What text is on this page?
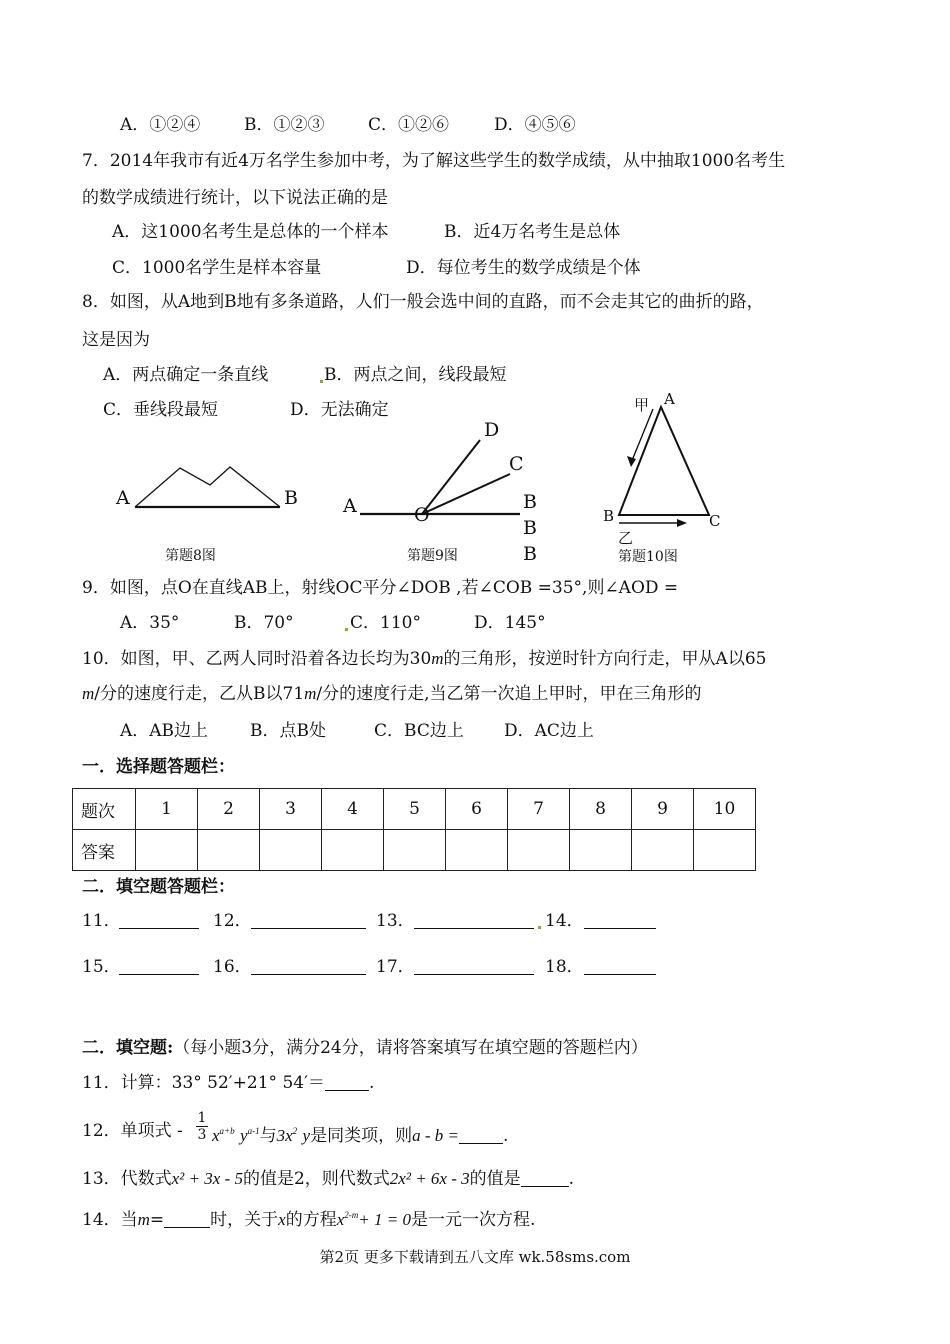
A．①②④	B．①②③	C．①②⑥	D．④⑤⑥
7．2014年我市有近4万名学生参加中考，为了解这些学生的数学成绩，从中抽取1000名考生
的数学成绩进行统计，以下说法正确的是
A．这1000名考生是总体的一个样本	B．近4万名考生是总体
C．1000名学生是样本容量	D．每位考生的数学成绩是个体
8．如图，从A地到B地有多条道路，人们一般会选中间的直路，而不会走其它的曲折的路，
这是因为
A．两点确定一条直线	B．两点之间，线段最短
C．垂线段最短	D．无法确定
A	B
第题8图
A	O
D
C
B
B
B
第题9图
甲 A
B	C
乙
第题10图
9．如图，点O在直线AB上，射线OC平分∠DOB ,若∠COB =35°,则∠AOD =
A．35°	B．70°	C．110°	D．145°
10．如图，甲、乙两人同时沿着各边长均为30m的三角形，按逆时针方向行走，甲从A以65
m/分的速度行走，乙从B以71m/分的速度行走,当乙第一次追上甲时，甲在三角形的
A．AB边上 B．点B处	C．BC边上 D．AC边上
一．选择题答题栏：
题次	1	2	3	4	5	6	7	8	9	10
答案										
二．填空题答题栏：
11．	12．	13．	14．
15．	16．	17．	18．
二．填空题:（每小题3分，满分24分，请将答案填写在填空题的答题栏内）
11．计算：33° 52′+21° 54′＝	.
12．单项式 - $\frac{1}{3} x^{a+b}$ $y^{a-1}$与$3x^2$ y是同类项，则a - b =	.
13．代数式x² + 3x - 5的值是2，则代数式2x² + 6x - 3的值是	.
14．当m=	时，关于x的方程$x^{2-m}+ 1 = 0$是一元一次方程.
第2页 更多下载请到五八文库 wk.58sms.com
